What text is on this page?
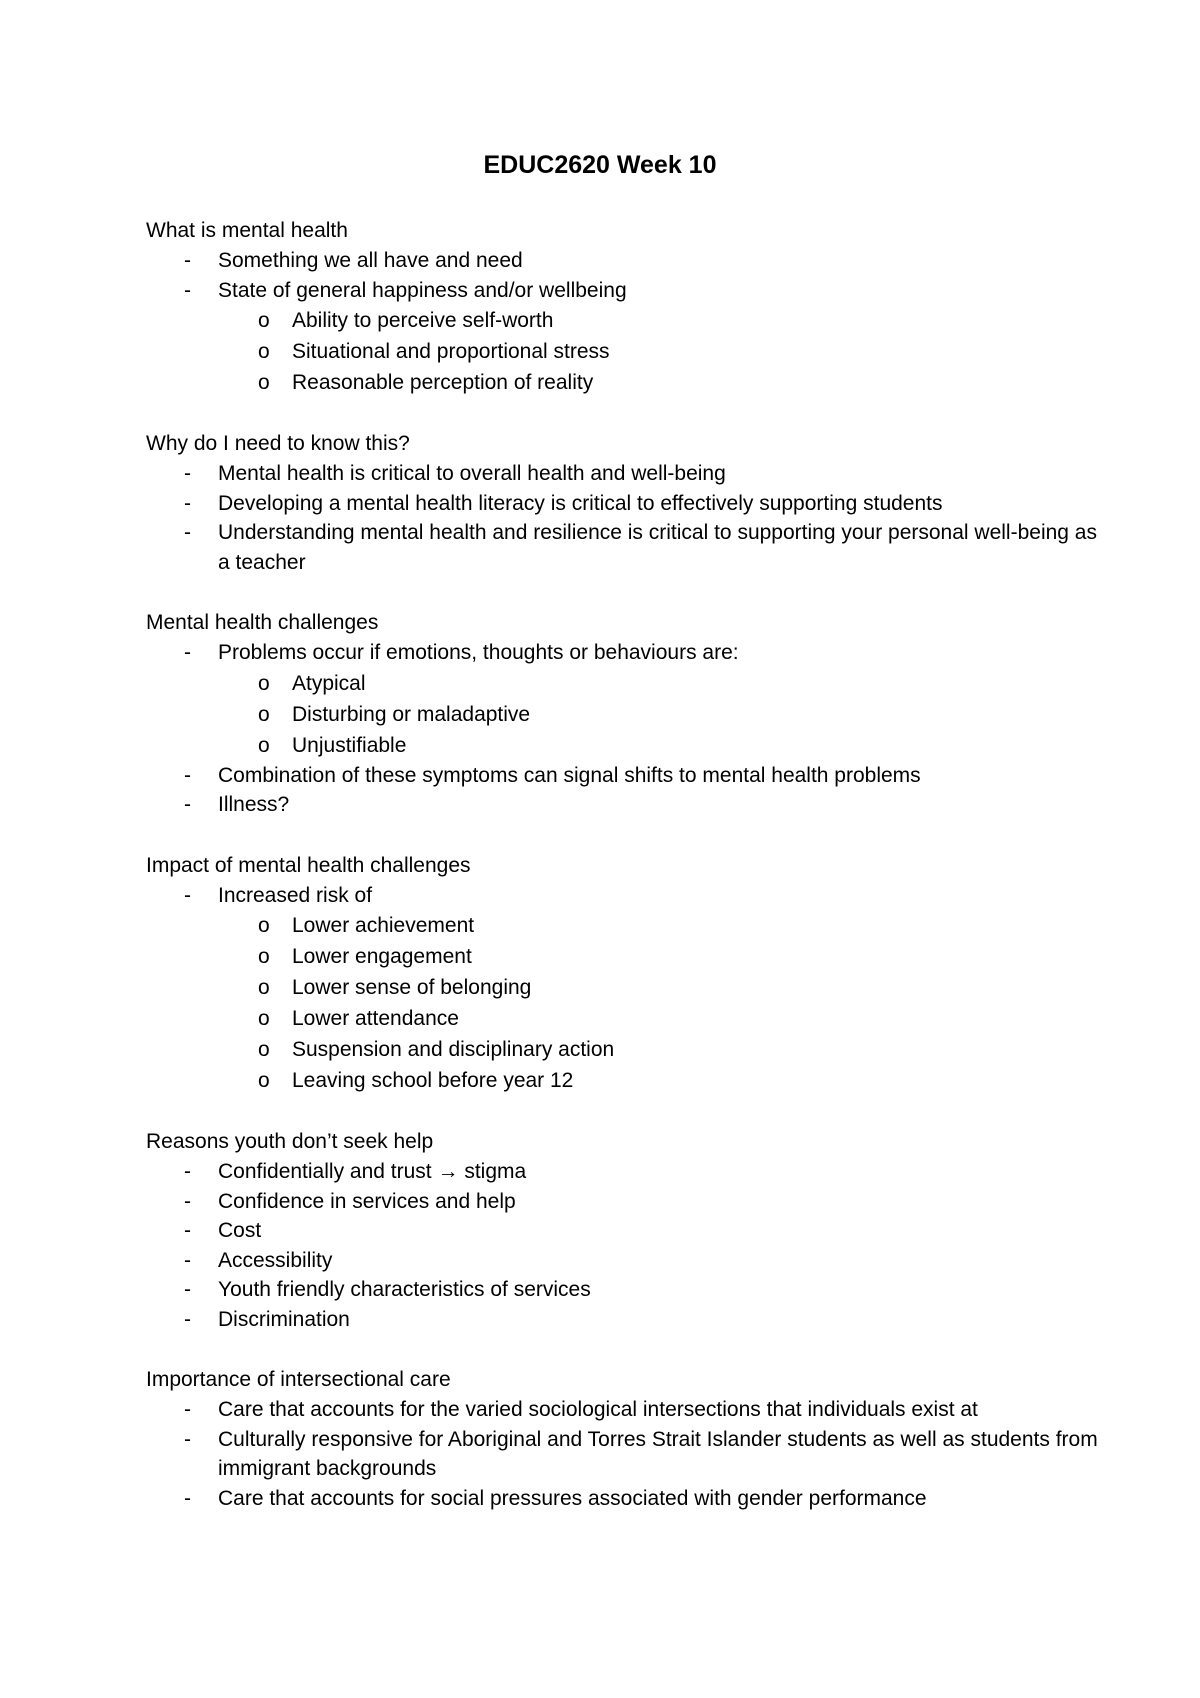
EDUC2620 Week 10
What is mental health
- Something we all have and need
- State of general happiness and/or wellbeing
o Ability to perceive self-worth
o Situational and proportional stress
o Reasonable perception of reality
Why do I need to know this?
- Mental health is critical to overall health and well-being
- Developing a mental health literacy is critical to effectively supporting students
- Understanding mental health and resilience is critical to supporting your personal well-being as a teacher
Mental health challenges
- Problems occur if emotions, thoughts or behaviours are:
o Atypical
o Disturbing or maladaptive
o Unjustifiable
- Combination of these symptoms can signal shifts to mental health problems
- Illness?
Impact of mental health challenges
- Increased risk of
o Lower achievement
o Lower engagement
o Lower sense of belonging
o Lower attendance
o Suspension and disciplinary action
o Leaving school before year 12
Reasons youth don’t seek help
- Confidentially and trust → stigma
- Confidence in services and help
- Cost
- Accessibility
- Youth friendly characteristics of services
- Discrimination
Importance of intersectional care
- Care that accounts for the varied sociological intersections that individuals exist at
- Culturally responsive for Aboriginal and Torres Strait Islander students as well as students from immigrant backgrounds
- Care that accounts for social pressures associated with gender performance
